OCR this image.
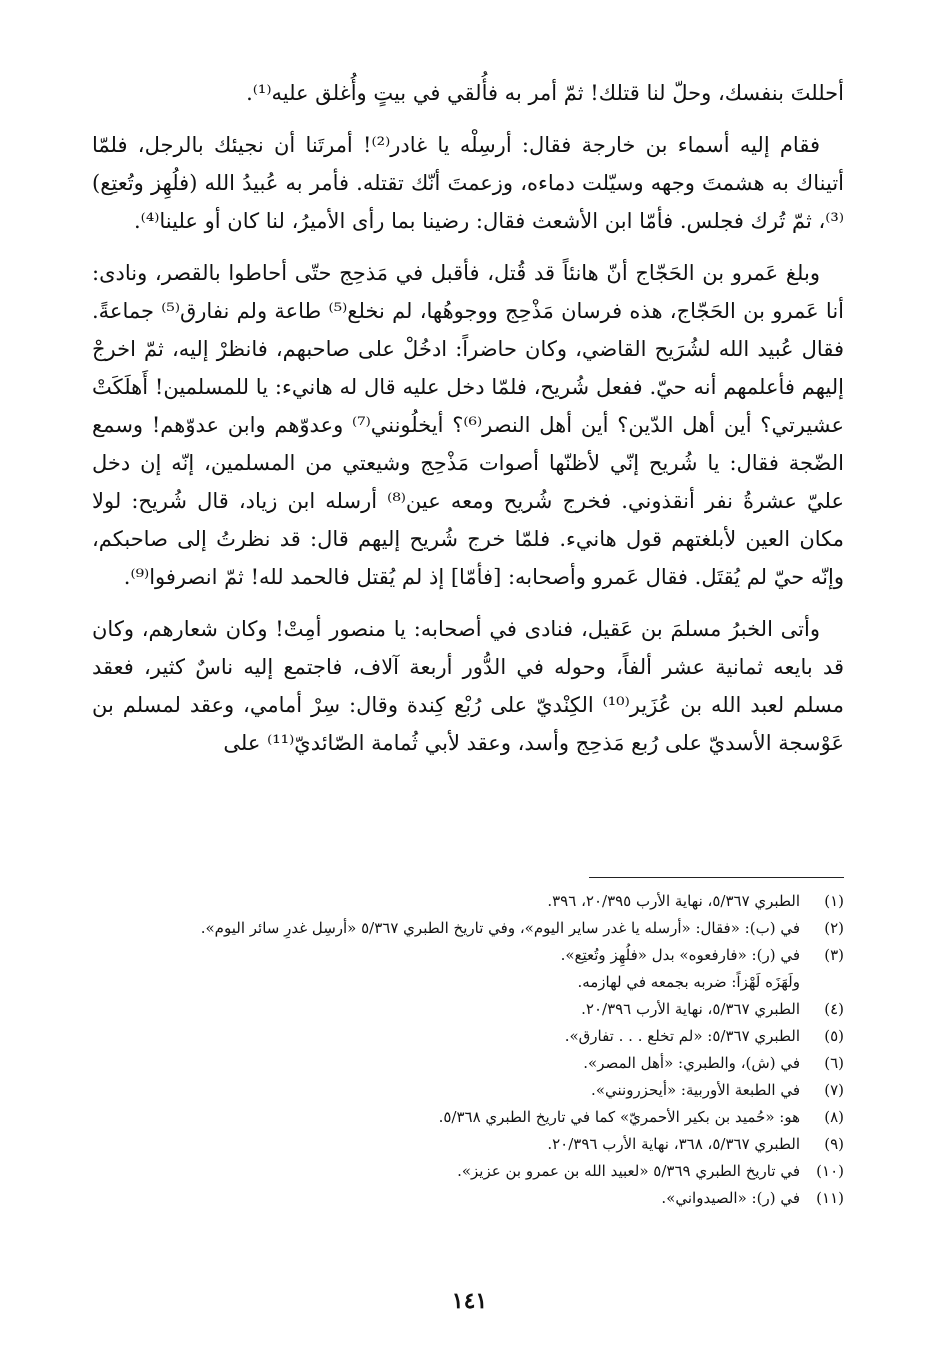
أحللتَ بنفسك، وحلّ لنا قتلك! ثمّ أمر به فأُلقي في بيتٍ وأُغلق عليه⁽¹⁾.

فقام إليه أسماء بن خارجة فقال: أرسِلْه يا غادر⁽²⁾! أمرتَنا أن نجيئك بالرجل، فلمّا أتيناك به هشمتَ وجهه وسيّلت دماءه، وزعمتَ أنّك تقتله. فأمر به عُبيدُ الله (فلُهِز وتُعتِع)⁽³⁾، ثمّ تُرك فجلس. فأمّا ابن الأشعث فقال: رضينا بما رأى الأميرُ، لنا كان أو علينا⁽⁴⁾.

وبلغ عَمرو بن الحَجّاج أنّ هانئاً قد قُتل، فأقبل في مَذحِج حتّى أحاطوا بالقصر، ونادى: أنا عَمرو بن الحَجّاج، هذه فرسان مَذْحِج ووجوهُها، لم نخلع⁽⁵⁾ طاعة ولم نفارق⁽⁵⁾ جماعةً. فقال عُبيد الله لشُرَيح القاضي، وكان حاضراً: ادخُلْ على صاحبهم، فانظرْ إليه، ثمّ اخرجْ إليهم فأعلمهم أنه حيّ. ففعل شُريح، فلمّا دخل عليه قال له هانيء: يا للمسلمين! أَهلَكَتْ عشيرتي؟ أين أهل الدّين؟ أين أهل النصر⁽⁶⁾؟ أيخلُونني⁽⁷⁾ وعدوّهم وابن عدوّهم! وسمع الضّجة فقال: يا شُريح إنّي لأظنّها أصوات مَذْحِج وشيعتي من المسلمين، إنّه إن دخل عليّ عشرةُ نفر أنقذوني. فخرج شُريح ومعه عين⁽⁸⁾ أرسله ابن زياد، قال شُريح: لولا مكان العين لأبلغتهم قول هانيء. فلمّا خرج شُريح إليهم قال: قد نظرتُ إلى صاحبكم، وإنّه حيّ لم يُقتَل. فقال عَمرو وأصحابه: [فأمّا] إذ لم يُقتل فالحمد لله! ثمّ انصرفوا⁽⁹⁾.

وأتى الخبرُ مسلمَ بن عَقيل، فنادى في أصحابه: يا منصور أمِتْ! وكان شعارهم، وكان قد بايعه ثمانية عشر ألفاً، وحوله في الدُّور أربعة آلاف، فاجتمع إليه ناسٌ كثير، فعقد مسلم لعبد الله بن عُزَير⁽¹⁰⁾ الكِنْديّ على رُبْع كِندة وقال: سِرْ أمامي، وعقد لمسلم بن عَوْسجة الأسديّ على رُبع مَذحِج وأسد، وعقد لأبي ثُمامة الصّائديّ⁽¹¹⁾ على

(١)
الطبري ٥/٣٦٧، نهاية الأرب ٢٠/٣٩٥، ٣٩٦.
(٢)
في (ب): «فقال: «أرسله يا غدر ساير اليوم»، وفي تاريخ الطبري ٥/٣٦٧ «أرسِل غدرِ سائر اليوم».
(٣)
في (ر): «فارفعوه» بدل «فلُهِز وتُعتِع».
ولَهَزَه لَهْزاً: ضربه بجمعه في لهازمه.
(٤)
الطبري ٥/٣٦٧، نهاية الأرب ٢٠/٣٩٦.
(٥)
الطبري ٥/٣٦٧: «لم تخلع . . . تفارق».
(٦)
في (ش)، والطبري: «أهل المصر».
(٧)
في الطبعة الأوربية: «أيحزرونني».
(٨)
هو: «حُميد بن بكير الأحمريّ» كما في تاريخ الطبري ٥/٣٦٨.
(٩)
الطبري ٥/٣٦٧، ٣٦٨، نهاية الأرب ٢٠/٣٩٦.
(١٠)
في تاريخ الطبري ٥/٣٦٩ «لعبيد الله بن عمرو بن عزيز».
(١١)
في (ر): «الصيدواني».
١٤١
